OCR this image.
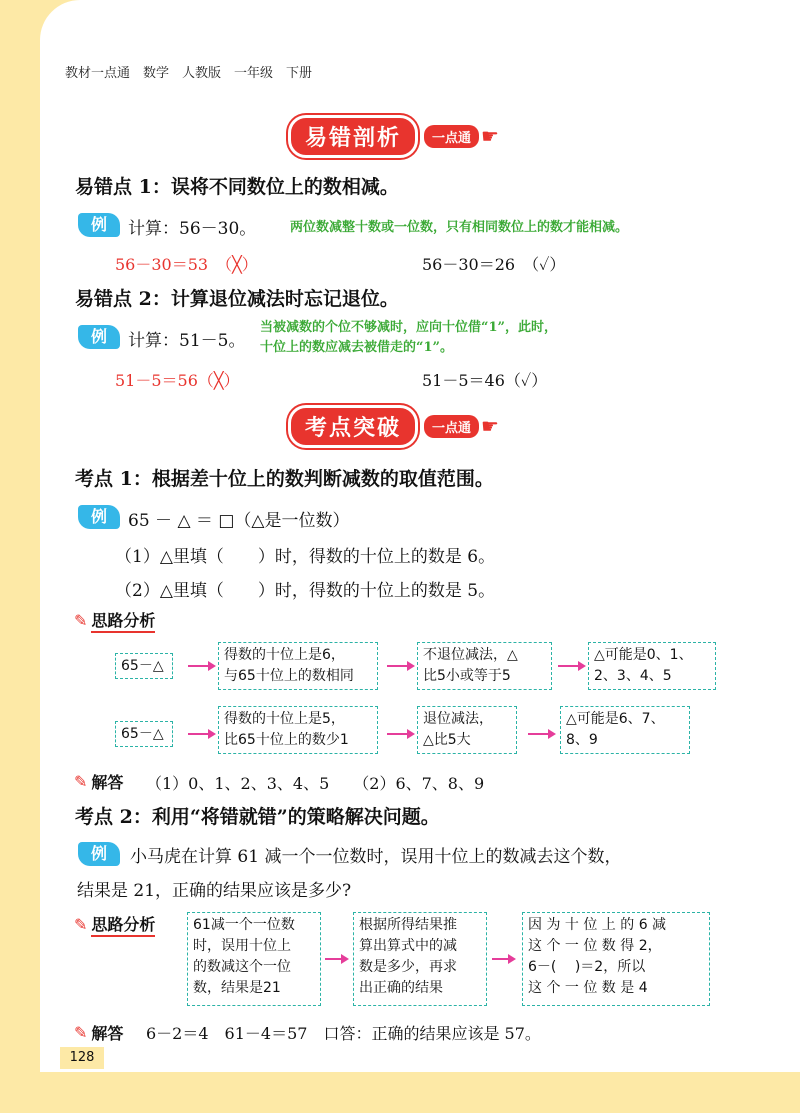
教材一点通　数学　人教版　一年级　下册
易错剖析	一点通 ☛
易错点 1：误将不同数位上的数相减。
例	计算：56－30。	两位数减整十数或一位数，只有相同数位上的数才能相减。
56－30＝53　（╳）	56－30＝26　（✓）
易错点 2：计算退位减法时忘记退位。
例	计算：51－5。
当被减数的个位不够减时，应向十位借“1”，此时，
十位上的数应减去被借走的“1”。
51－5＝56（╳）	51－5＝46（✓）
考点突破	一点通 ☛
考点 1：根据差十位上的数判断减数的取值范围。
例	65 － △ ＝ □（△是一位数）
（1）△里填（　　）时，得数的十位上的数是 6。
（2）△里填（　　）时，得数的十位上的数是 5。
✎ 思路分析
65－△
得数的十位上是6，
与65十位上的数相同
不退位减法，△
比5小或等于5
△可能是0、1、
2、3、4、5
65－△
得数的十位上是5，
比65十位上的数少1
退位减法，
△比5大
△可能是6、7、
8、9
✎ 解答 （1）0、1、2、3、4、5　　（2）6、7、8、9
考点 2：利用“将错就错”的策略解决问题。
例	小马虎在计算 61 减一个一位数时，误用十位上的数减去这个数，
结果是 21，正确的结果应该是多少?
✎ 思路分析	61减一个一位数
时，误用十位上
的数减这个一位
数，结果是21
根据所得结果推
算出算式中的减
数是多少，再求
出正确的结果
因 为 十 位 上 的 6 减
这 个 一 位 数 得 2，
6－(　 )＝2，所以
这 个 一 位 数 是 4
✎ 解答 6－2＝4　61－4＝57　口答：正确的结果应该是 57。
128
